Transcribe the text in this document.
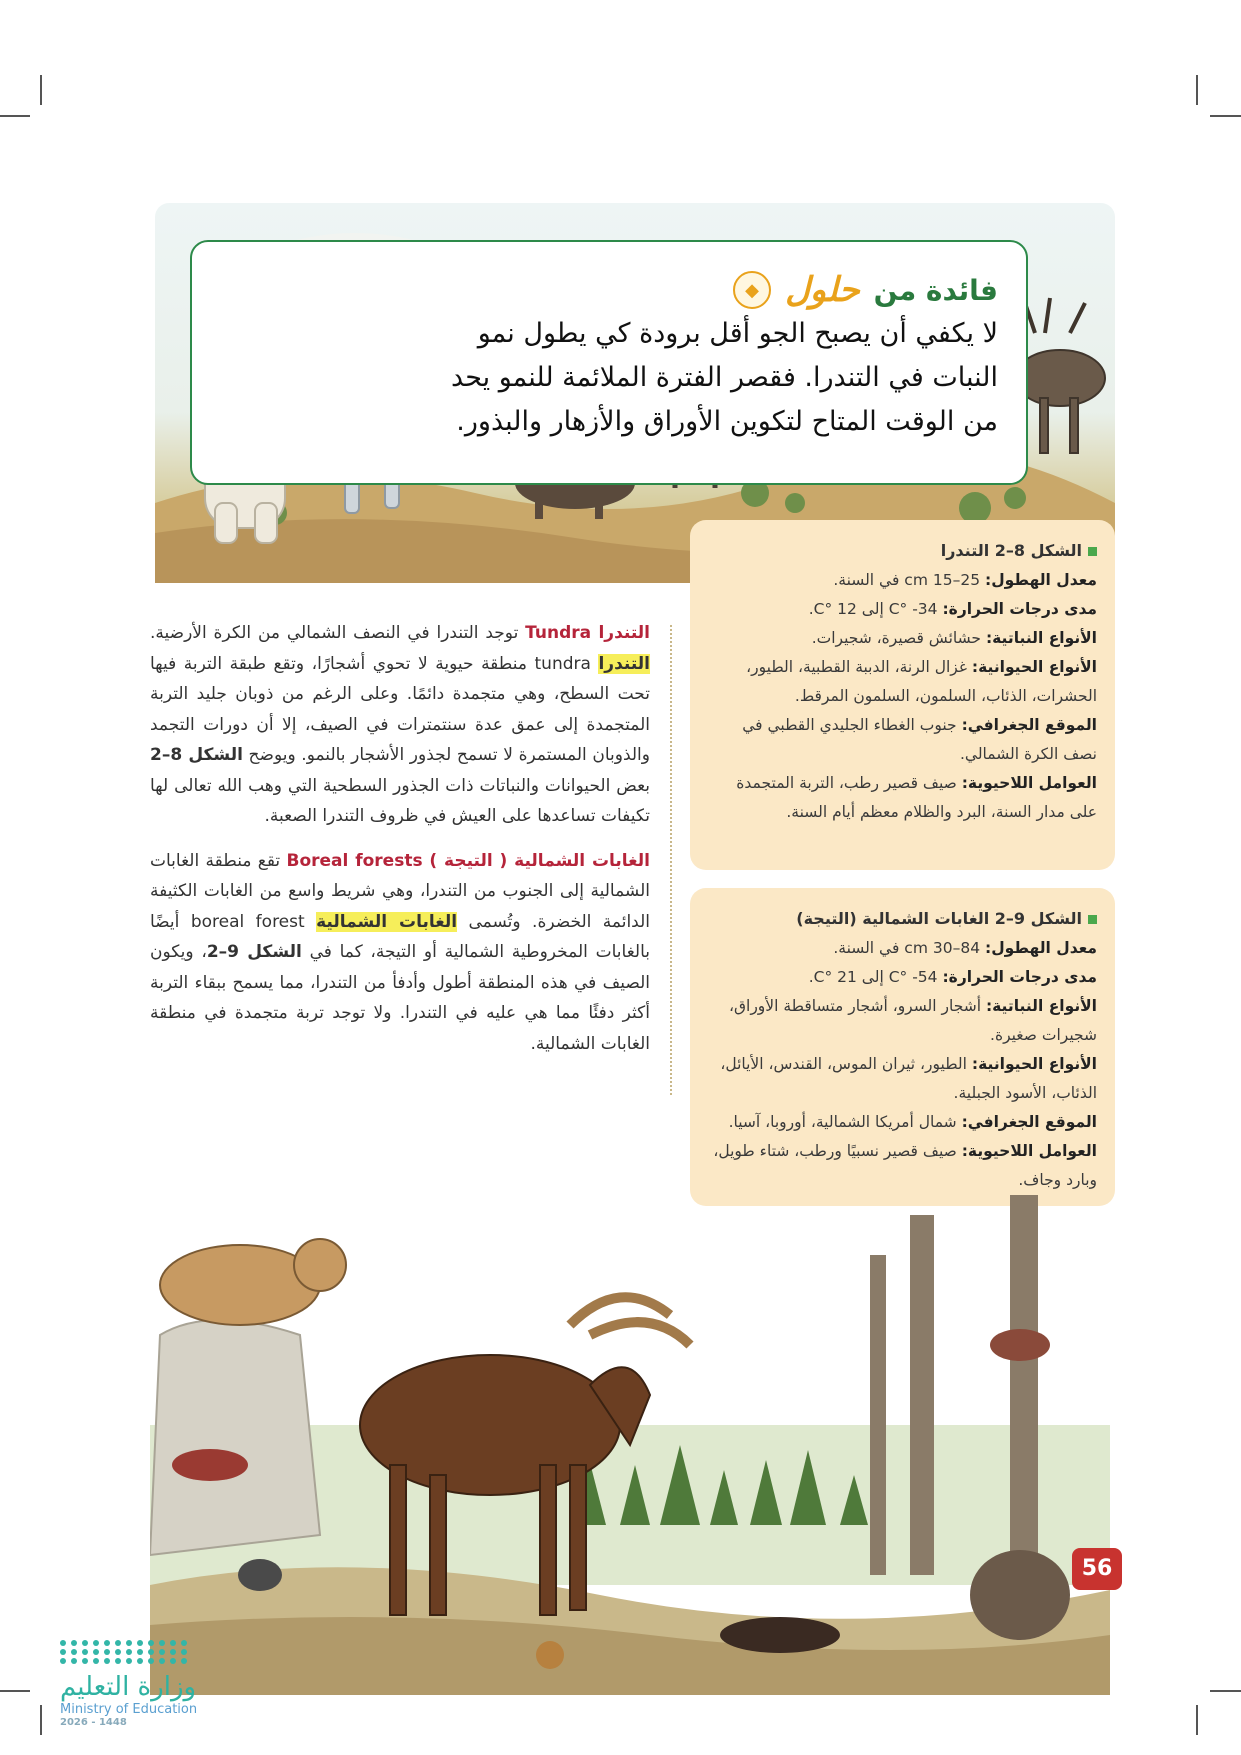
فائدة من
حلول
◆

لا يكفي أن يصبح الجو أقل برودة كي يطول نمو

النبات في التندرا. فقصر الفترة الملائمة للنمو يحد

من الوقت المتاح لتكوين الأوراق والأزهار والبذور.

الشكل 8–2 التندرا

معدل الهطول: 25–15 cm في السنة.

مدى درجات الحرارة: 34- °C إلى 12 °C.

الأنواع النباتية: حشائش قصيرة، شجيرات.

الأنواع الحيوانية: غزال الرنة، الدببة القطبية، الطيور، الحشرات، الذئاب، السلمون، السلمون المرقط.

الموقع الجغرافي: جنوب الغطاء الجليدي القطبي في نصف الكرة الشمالي.

العوامل اللاحيوية: صيف قصير رطب، التربة المتجمدة على مدار السنة، البرد والظلام معظم أيام السنة.

الشكل 9–2 الغابات الشمالية (التيجة)

معدل الهطول: 84–30 cm في السنة.

مدى درجات الحرارة: 54- °C إلى 21 °C.

الأنواع النباتية: أشجار السرو، أشجار متساقطة الأوراق، شجيرات صغيرة.

الأنواع الحيوانية: الطيور، ثيران الموس، القندس، الأيائل، الذئاب، الأسود الجبلية.

الموقع الجغرافي: شمال أمريكا الشمالية، أوروبا، آسيا.

العوامل اللاحيوية: صيف قصير نسبيًا ورطب، شتاء طويل، وبارد وجاف.

التندرا Tundra توجد التندرا في النصف الشمالي من الكرة الأرضية. التندرا tundra منطقة حيوية لا تحوي أشجارًا، وتقع طبقة التربة فيها تحت السطح، وهي متجمدة دائمًا. وعلى الرغم من ذوبان جليد التربة المتجمدة إلى عمق عدة سنتمترات في الصيف، إلا أن دورات التجمد والذوبان المستمرة لا تسمح لجذور الأشجار بالنمو. ويوضح الشكل 8–2 بعض الحيوانات والنباتات ذات الجذور السطحية التي وهب الله تعالى لها تكيفات تساعدها على العيش في ظروف التندرا الصعبة.

الغابات الشمالية ( التيجة ) Boreal forests تقع منطقة الغابات الشمالية إلى الجنوب من التندرا، وهي شريط واسع من الغابات الكثيفة الدائمة الخضرة. وتُسمى الغابات الشمالية boreal forest أيضًا بالغابات المخروطية الشمالية أو التيجة، كما في الشكل 9–2، ويكون الصيف في هذه المنطقة أطول وأدفأ من التندرا، مما يسمح ببقاء التربة أكثر دفئًا مما هي عليه في التندرا. ولا توجد تربة متجمدة في منطقة الغابات الشمالية.

وزارة التعليم
Ministry of Education
2026 - 1448
56
